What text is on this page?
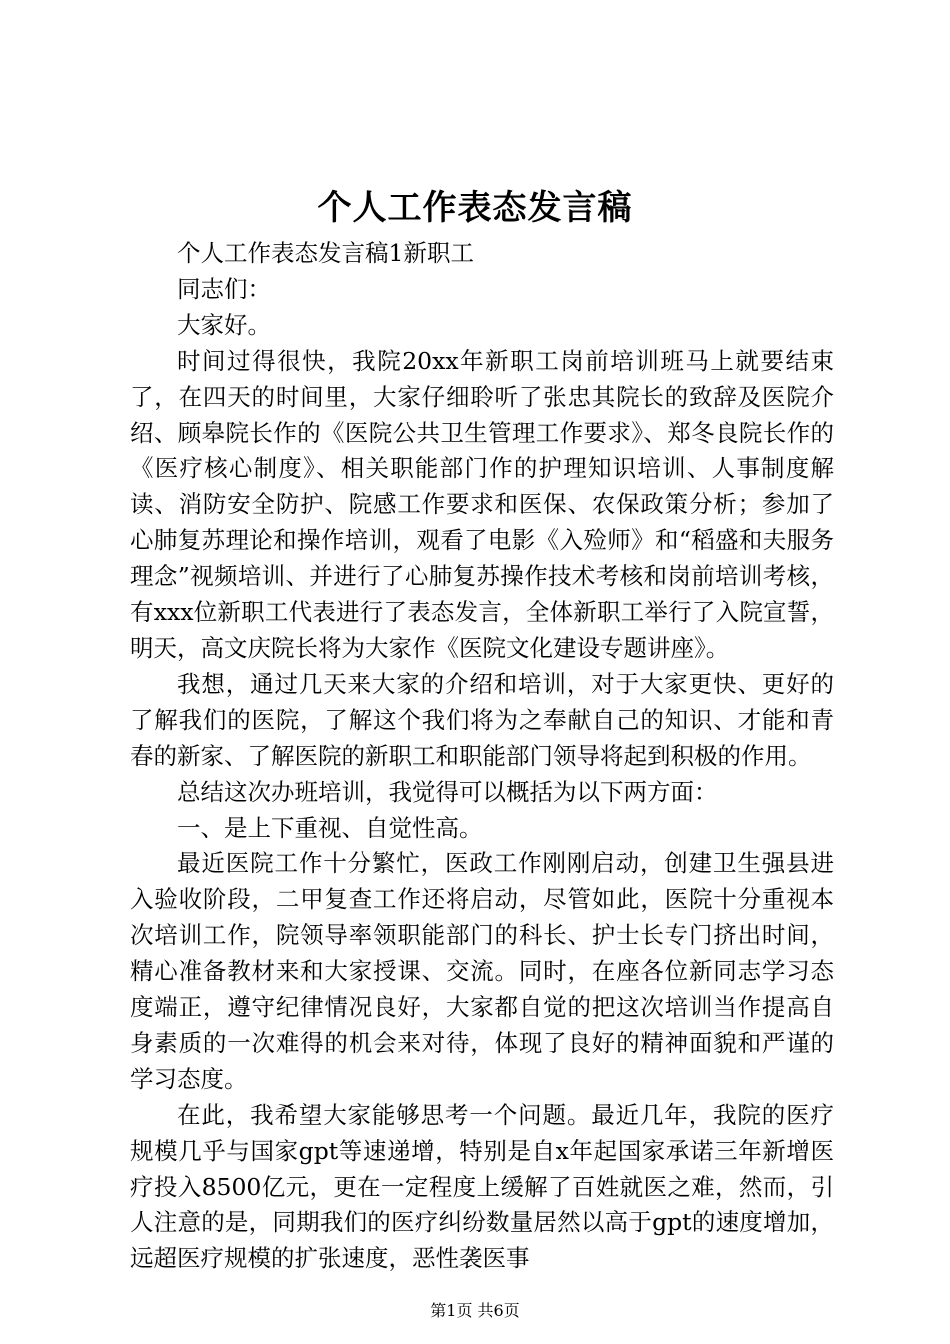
个人工作表态发言稿

个人工作表态发言稿1新职工

同志们：

大家好。

时间过得很快，我院20xx年新职工岗前培训班马上就要结束了，在四天的时间里，大家仔细聆听了张忠其院长的致辞及医院介绍、顾皋院长作的《医院公共卫生管理工作要求》、郑冬良院长作的《医疗核心制度》、相关职能部门作的护理知识培训、人事制度解读、消防安全防护、院感工作要求和医保、农保政策分析；参加了心肺复苏理论和操作培训，观看了电影《入殓师》和“稻盛和夫服务理念”视频培训、并进行了心肺复苏操作技术考核和岗前培训考核，有xxx位新职工代表进行了表态发言，全体新职工举行了入院宣誓，明天，高文庆院长将为大家作《医院文化建设专题讲座》。

我想，通过几天来大家的介绍和培训，对于大家更快、更好的了解我们的医院，了解这个我们将为之奉献自己的知识、才能和青春的新家、了解医院的新职工和职能部门领导将起到积极的作用。

总结这次办班培训，我觉得可以概括为以下两方面：

一、是上下重视、自觉性高。

最近医院工作十分繁忙，医政工作刚刚启动，创建卫生强县进入验收阶段，二甲复查工作还将启动，尽管如此，医院十分重视本次培训工作，院领导率领职能部门的科长、护士长专门挤出时间，精心准备教材来和大家授课、交流。同时，在座各位新同志学习态度端正，遵守纪律情况良好，大家都自觉的把这次培训当作提高自身素质的一次难得的机会来对待，体现了良好的精神面貌和严谨的学习态度。

在此，我希望大家能够思考一个问题。最近几年，我院的医疗规模几乎与国家gpt等速递增，特别是自x年起国家承诺三年新增医疗投入8500亿元，更在一定程度上缓解了百姓就医之难，然而，引人注意的是，同期我们的医疗纠纷数量居然以高于gpt的速度增加，远超医疗规模的扩张速度，恶性袭医事

第1页 共6页
